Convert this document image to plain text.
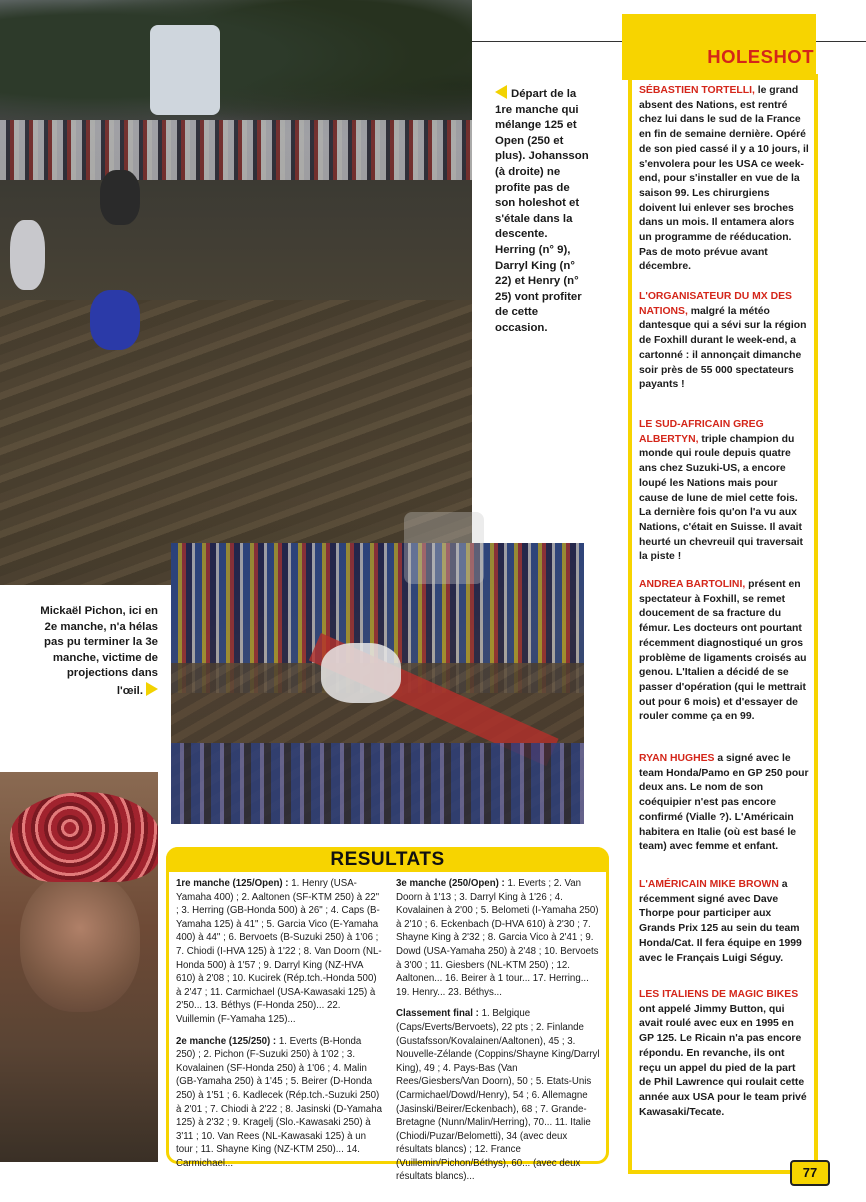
Départ de la 1re manche qui mélange 125 et Open (250 et plus). Johansson (à droite) ne profite pas de son holeshot et s'étale dans la descente. Herring (n° 9), Darryl King (n° 22) et Henry (n° 25) vont profiter de cette occasion.
Mickaël Pichon, ici en 2e manche, n'a hélas pas pu terminer la 3e manche, victime de projections dans l'œil.
HOLESHOT
SÉBASTIEN TORTELLI, le grand absent des Nations, est rentré chez lui dans le sud de la France en fin de semaine dernière. Opéré de son pied cassé il y a 10 jours, il s'envolera pour les USA ce week-end, pour s'installer en vue de la saison 99. Les chirurgiens doivent lui enlever ses broches dans un mois. Il entamera alors un programme de rééducation. Pas de moto prévue avant décembre.
L'ORGANISATEUR DU MX DES NATIONS, malgré la météo dantesque qui a sévi sur la région de Foxhill durant le week-end, a cartonné : il annonçait dimanche soir près de 55 000 spectateurs payants !
LE SUD-AFRICAIN GREG ALBERTYN, triple champion du monde qui roule depuis quatre ans chez Suzuki-US, a encore loupé les Nations mais pour cause de lune de miel cette fois. La dernière fois qu'on l'a vu aux Nations, c'était en Suisse. Il avait heurté un chevreuil qui traversait la piste !
ANDREA BARTOLINI, présent en spectateur à Foxhill, se remet doucement de sa fracture du fémur. Les docteurs ont pourtant récemment diagnostiqué un gros problème de ligaments croisés au genou. L'Italien a décidé de se passer d'opération (qui le mettrait out pour 6 mois) et d'essayer de rouler comme ça en 99.
RYAN HUGHES a signé avec le team Honda/Pamo en GP 250 pour deux ans. Le nom de son coéquipier n'est pas encore confirmé (Vialle ?). L'Américain habitera en Italie (où est basé le team) avec femme et enfant.
L'AMÉRICAIN MIKE BROWN a récemment signé avec Dave Thorpe pour participer aux Grands Prix 125 au sein du team Honda/Cat. Il fera équipe en 1999 avec le Français Luigi Séguy.
LES ITALIENS DE MAGIC BIKES ont appelé Jimmy Button, qui avait roulé avec eux en 1995 en GP 125. Le Ricain n'a pas encore répondu. En revanche, ils ont reçu un appel du pied de la part de Phil Lawrence qui roulait cette année aux USA pour le team privé Kawasaki/Tecate.
RESULTATS

1re manche (125/Open) : 1. Henry (USA-Yamaha 400) ; 2. Aaltonen (SF-KTM 250) à 22" ; 3. Herring (GB-Honda 500) à 26" ; 4. Caps (B-Yamaha 125) à 41" ; 5. Garcia Vico (E-Yamaha 400) à 44" ; 6. Bervoets (B-Suzuki 250) à 1'06 ; 7. Chiodi (I-HVA 125) à 1'22 ; 8. Van Doorn (NL-Honda 500) à 1'57 ; 9. Darryl King (NZ-HVA 610) à 2'08 ; 10. Kucirek (Rép.tch.-Honda 500) à 2'47 ; 11. Carmichael (USA-Kawasaki 125) à 2'50... 13. Béthys (F-Honda 250)... 22. Vuillemin (F-Yamaha 125)...

2e manche (125/250) : 1. Everts (B-Honda 250) ; 2. Pichon (F-Suzuki 250) à 1'02 ; 3. Kovalainen (SF-Honda 250) à 1'06 ; 4. Malin (GB-Yamaha 250) à 1'45 ; 5. Beirer (D-Honda 250) à 1'51 ; 6. Kadlecek (Rép.tch.-Suzuki 250) à 2'01 ; 7. Chiodi à 2'22 ; 8. Jasinski (D-Yamaha 125) à 2'32 ; 9. Kragelj (Slo.-Kawasaki 250) à 3'11 ; 10. Van Rees (NL-Kawasaki 125) à un tour ; 11. Shayne King (NZ-KTM 250)... 14. Carmichael...

3e manche (250/Open) : 1. Everts ; 2. Van Doorn à 1'13 ; 3. Darryl King à 1'26 ; 4. Kovalainen à 2'00 ; 5. Belometi (I-Yamaha 250) à 2'10 ; 6. Eckenbach (D-HVA 610) à 2'30 ; 7. Shayne King à 2'32 ; 8. Garcia Vico à 2'41 ; 9. Dowd (USA-Yamaha 250) à 2'48 ; 10. Bervoets à 3'00 ; 11. Giesbers (NL-KTM 250) ; 12. Aaltonen... 16. Beirer à 1 tour... 17. Herring... 19. Henry... 23. Béthys...

Classement final : 1. Belgique (Caps/Everts/Bervoets), 22 pts ; 2. Finlande (Gustafsson/Kovalainen/Aaltonen), 45 ; 3. Nouvelle-Zélande (Coppins/Shayne King/Darryl King), 49 ; 4. Pays-Bas (Van Rees/Giesbers/Van Doorn), 50 ; 5. Etats-Unis (Carmichael/Dowd/Henry), 54 ; 6. Allemagne (Jasinski/Beirer/Eckenbach), 68 ; 7. Grande-Bretagne (Nunn/Malin/Herring), 70... 11. Italie (Chiodi/Puzar/Belometti), 34 (avec deux résultats blancs) ; 12. France (Vuillemin/Pichon/Béthys), 60... (avec deux résultats blancs)...	77
